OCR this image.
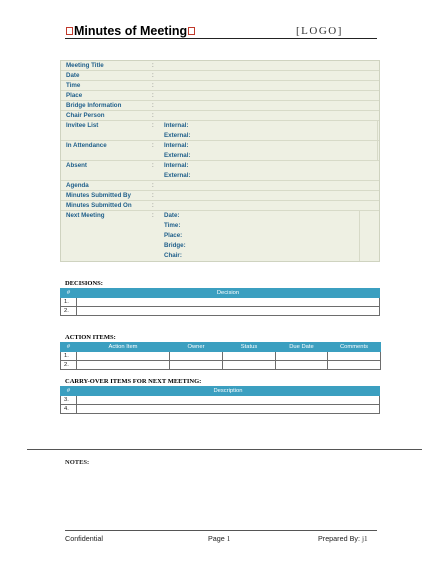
Minutes of Meeting	[LOGO]
Meeting Title	:
Date	:
Time	:
Place	:
Bridge Information	:
Chair Person	:
Invitee List	: Internal:
External:
In Attendance	: Internal:
External:
Absent	: Internal:
External:
Agenda	:
Minutes Submitted By	:
Minutes Submitted On	:
Next Meeting	: Date:
Time:
Place:
Bridge:
Chair:
DECISIONS:
#	Decision
1.	
2.	
ACTION ITEMS:
#	Action Item	Owner	Status	Due Date	Comments
1.					
2.					
CARRY-OVER ITEMS FOR NEXT MEETING:
#	Description
3.	
4.	
NOTES:
Confidential	Page 1	Prepared By: j1
